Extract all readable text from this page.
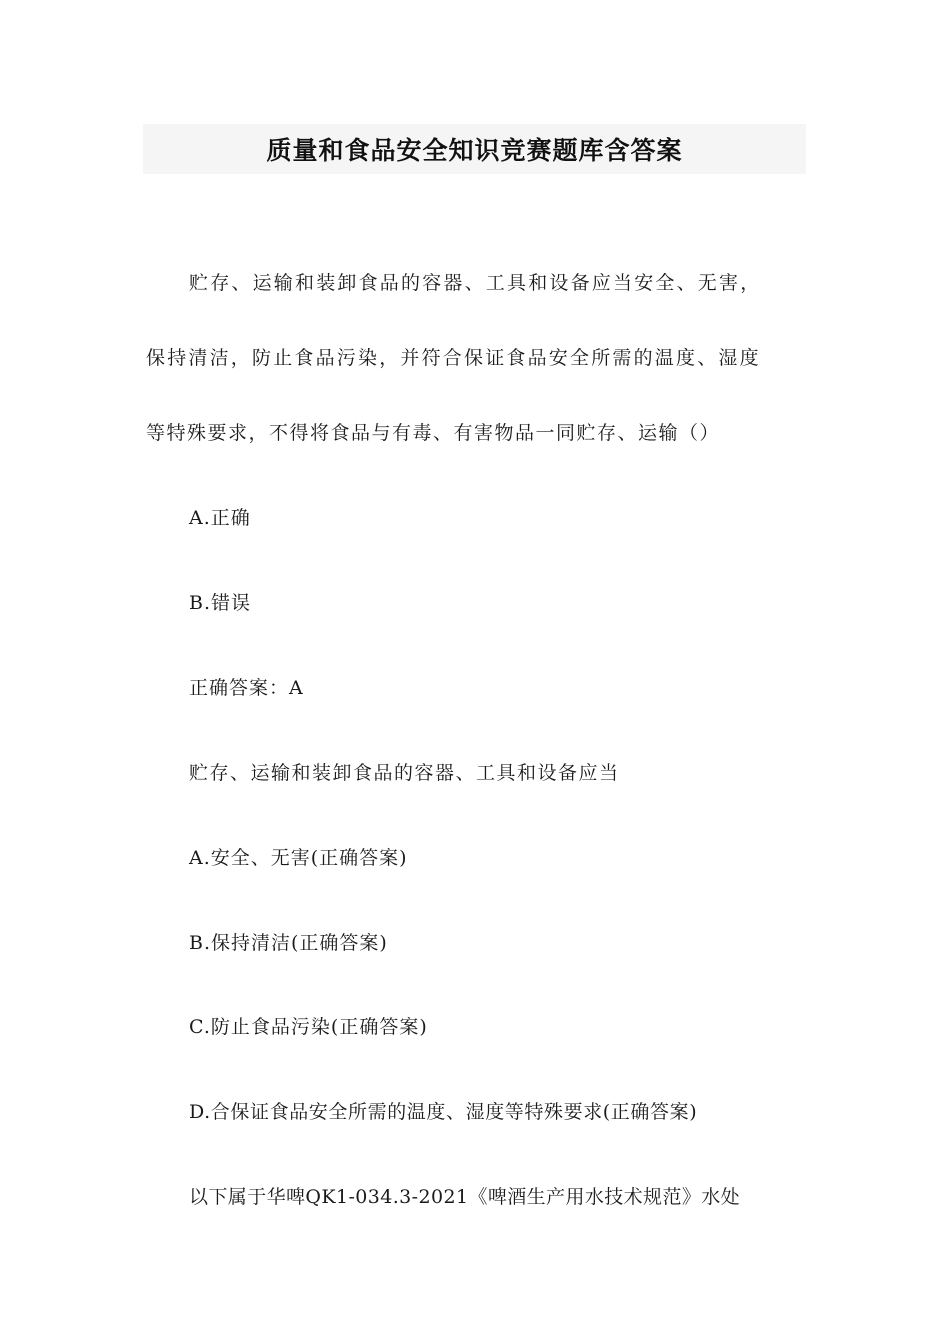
质量和食品安全知识竞赛题库含答案
贮存、运输和装卸食品的容器、工具和设备应当安全、无害，
保持清洁，防止食品污染，并符合保证食品安全所需的温度、湿度
等特殊要求，不得将食品与有毒、有害物品一同贮存、运输（）
A.正确
B.错误
正确答案：A
贮存、运输和装卸食品的容器、工具和设备应当
A.安全、无害(正确答案)
B.保持清洁(正确答案)
C.防止食品污染(正确答案)
D.合保证食品安全所需的温度、湿度等特殊要求(正确答案)
以下属于华啤QK1-034.3-2021《啤酒生产用水技术规范》水处
